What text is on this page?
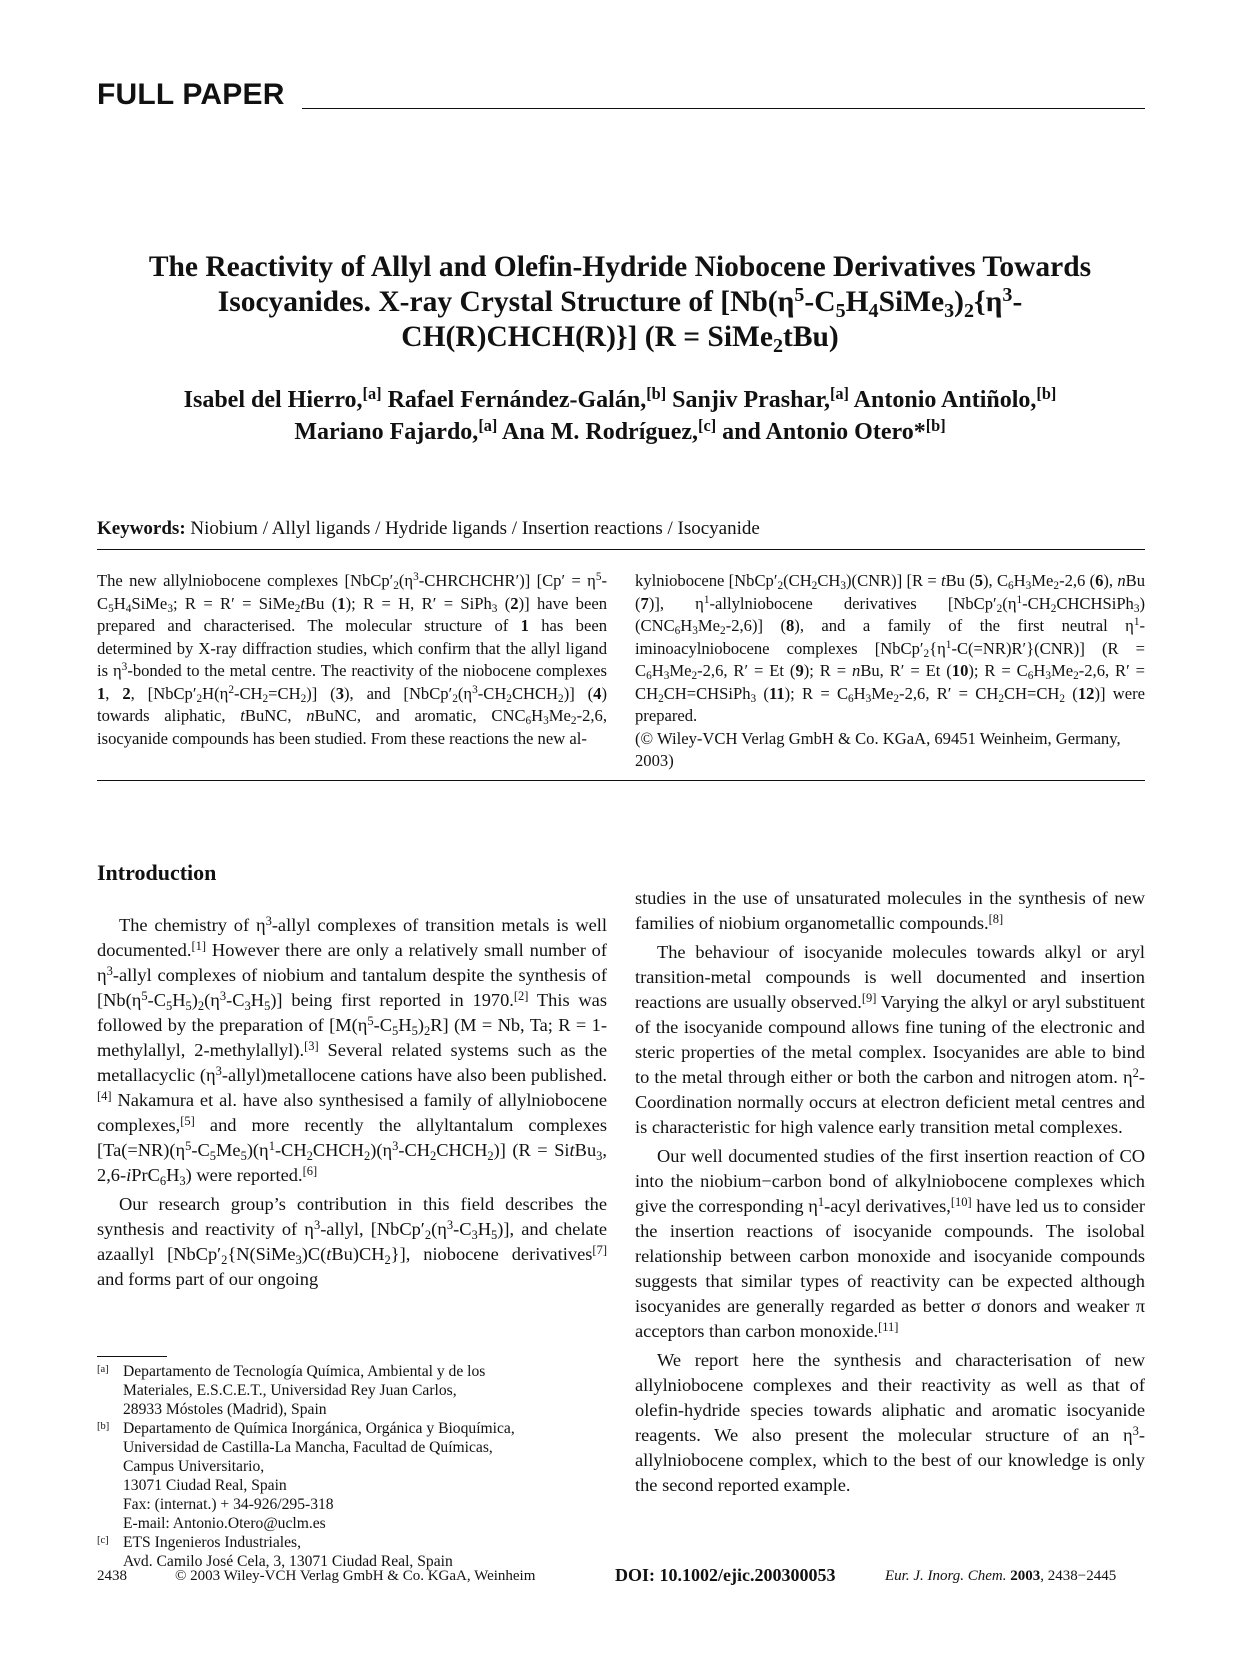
FULL PAPER
The Reactivity of Allyl and Olefin-Hydride Niobocene Derivatives Towards
Isocyanides. X-ray Crystal Structure of [$Nb(\eta^5-C_5H_4SiMe_3)_2\{\eta^3-$
CH(R)CHCH(R)}] (R = SiMe$_2$tBu)
Isabel del Hierro,[a] Rafael Fernández-Galán,[b] Sanjiv Prashar,[a] Antonio Antiñolo,[b]
Mariano Fajardo,[a] Ana M. Rodríguez,[c] and Antonio Otero*[b]
Keywords: Niobium / Allyl ligands / Hydride ligands / Insertion reactions / Isocyanide

The new allylniobocene complexes $[NbCp'_2(\eta^3-CHRCHCHR')] [Cp'$ = $\eta^5-C_5H_4SiMe_3$; R = R′ = SiMe$_2$tBu (1); R = H, R′ = SiPh$_3$ (2)] have been prepared and characterised. The molecular structure of 1 has been determined by X-ray diffraction studies, which confirm that the allyl ligand is $\eta^3$-bonded to the metal centre. The reactivity of the niobocene complexes 1, 2, $[NbCp'_2H(\eta^2-CH_2=CH_2)]$ (3), and $[NbCp'_2(\eta^3-CH_2CHCH_2)]$ (4) towards aliphatic, tBuNC, nBuNC, and aromatic, $CNC_6H_3Me_2-2,6$, isocyanide compounds has been studied. From these reactions the new al-

kylniobocene $[NbCp'_2(CH_2CH_3)(CNR)] [R$ = tBu (5), $C_6H_3Me_2-2,6$ (6), nBu (7)], $\eta^1$-allylniobocene derivatives $[NbCp'_2(\eta^1-CH_2CHCHSiPh_3)(CNC_6H_3Me_2-2,6)]$ (8), and a family of the first neutral $\eta^1$-iminoacylniobocene complexes $[NbCp'_2\{\eta^1-C(=NR)R'\}(CNR)] (R = C_6H_3Me_2-2,6$, R′ = Et (9); R = nBu, R′ = Et (10); $R = C_6H_3Me_2-2,6$, $R' = CH_2CH=CHSiPh_3$ (11); $R = C_6H_3Me_2-2,6$, $R' = CH_2CH=CH_2$ (12)] were prepared.

(© Wiley-VCH Verlag GmbH & Co. KGaA, 69451 Weinheim, Germany, 2003)

Introduction

The chemistry of $\eta^3$-allyl complexes of transition metals is well documented.[1] However there are only a relatively small number of $\eta^3$-allyl complexes of niobium and tantalum despite the synthesis of $[Nb(\eta^5-C_5H_5)_2(\eta^3-C_3H_5)]$ being first reported in 1970.[2] This was followed by the preparation of $[M(\eta^5-C_5H_5)_2R] (M = Nb$, Ta; R = 1-methylallyl, 2-methylallyl).[3] Several related systems such as the metallacyclic $(\eta^3-allyl)metallocene$ cations have also been published.[4] Nakamura et al. have also synthesised a family of allylniobocene complexes,[5] and more recently the allyltantalum complexes $[Ta(=NR)(\eta^5-C_5Me_5)(\eta^1-CH_2CHCH_2)(\eta^3-CH_2CHCH_2)] (R$ = SitBu$_3$, $2,6-iPrC_6H_3$) were reported.[6]

Our research group’s contribution in this field describes the synthesis and reactivity of $\eta^3$-allyl, $[NbCp'_2(\eta^3-C_3H_5)]$, and chelate azaallyl $[NbCp'_2\{N(SiMe_3)C(tBu)CH_2\}]$, niobocene derivatives[7] and forms part of our ongoing

studies in the use of unsaturated molecules in the synthesis of new families of niobium organometallic compounds.[8]

The behaviour of isocyanide molecules towards alkyl or aryl transition-metal compounds is well documented and insertion reactions are usually observed.[9] Varying the alkyl or aryl substituent of the isocyanide compound allows fine tuning of the electronic and steric properties of the metal complex. Isocyanides are able to bind to the metal through either or both the carbon and nitrogen atom. $\eta^2$-Coordination normally occurs at electron deficient metal centres and is characteristic for high valence early transition metal complexes.

Our well documented studies of the first insertion reaction of CO into the niobium−carbon bond of alkylniobocene complexes which give the corresponding $\eta^1$-acyl derivatives,[10] have led us to consider the insertion reactions of isocyanide compounds. The isolobal relationship between carbon monoxide and isocyanide compounds suggests that similar types of reactivity can be expected although isocyanides are generally regarded as better σ donors and weaker π acceptors than carbon monoxide.[11]

We report here the synthesis and characterisation of new allylniobocene complexes and their reactivity as well as that of olefin-hydride species towards aliphatic and aromatic isocyanide reagents. We also present the molecular structure of an $\eta^3$-allylniobocene complex, which to the best of our knowledge is only the second reported example.

[a] Departamento de Tecnología Química, Ambiental y de los
Materiales, E.S.C.E.T., Universidad Rey Juan Carlos,
28933 Móstoles (Madrid), Spain
[b] Departamento de Química Inorgánica, Orgánica y Bioquímica,
Universidad de Castilla-La Mancha, Facultad de Químicas,
Campus Universitario,
13071 Ciudad Real, Spain
Fax: (internat.) + 34-926/295-318
E-mail: Antonio.Otero@uclm.es
[c] ETS Ingenieros Industriales,
Avd. Camilo José Cela, 3, 13071 Ciudad Real, Spain
2438	© 2003 Wiley-VCH Verlag GmbH & Co. KGaA, Weinheim	DOI: 10.1002/ejic.200300053	Eur. J. Inorg. Chem. 2003, 2438−2445
